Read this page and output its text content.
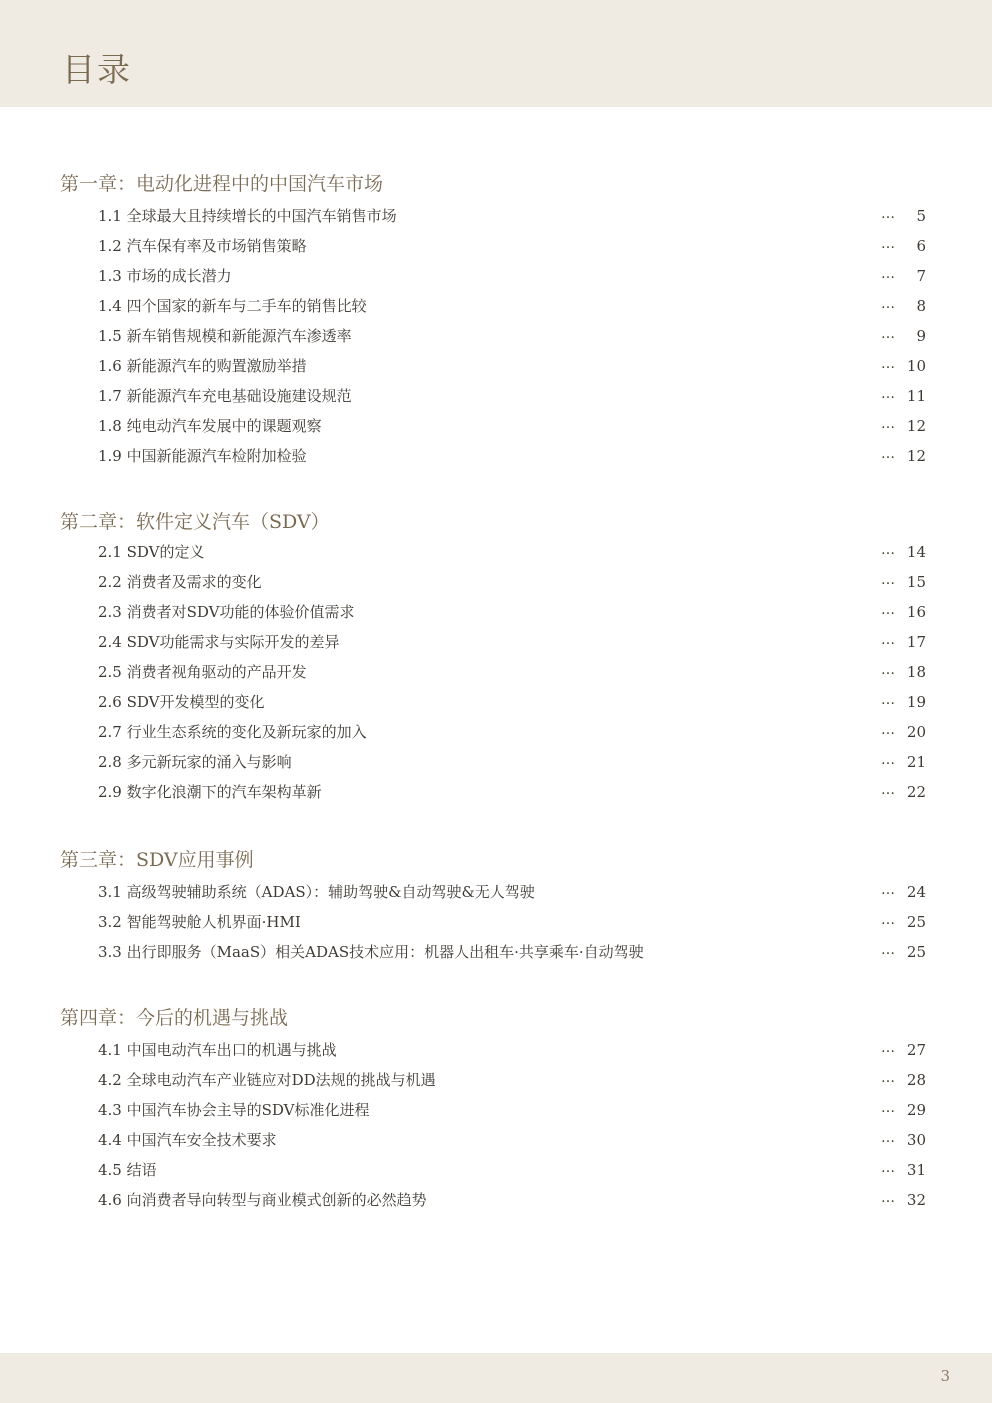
目录
第一章：电动化进程中的中国汽车市场
1.1 全球最大且持续增长的中国汽车销售市场	… 5
1.2 汽车保有率及市场销售策略	… 6
1.3 市场的成长潜力	… 7
1.4 四个国家的新车与二手车的销售比较	… 8
1.5 新车销售规模和新能源汽车渗透率	… 9
1.6 新能源汽车的购置激励举措	… 10
1.7 新能源汽车充电基础设施建设规范	… 11
1.8 纯电动汽车发展中的课题观察	… 12
1.9 中国新能源汽车检附加检验	… 12
第二章：软件定义汽车（SDV）
2.1 SDV的定义	… 14
2.2 消费者及需求的变化	… 15
2.3 消费者对SDV功能的体验价值需求	… 16
2.4 SDV功能需求与实际开发的差异	… 17
2.5 消费者视角驱动的产品开发	… 18
2.6 SDV开发模型的变化	… 19
2.7 行业生态系统的变化及新玩家的加入	… 20
2.8 多元新玩家的涌入与影响	… 21
2.9 数字化浪潮下的汽车架构革新	… 22
第三章：SDV应用事例
3.1 高级驾驶辅助系统（ADAS）：辅助驾驶&自动驾驶&无人驾驶	… 24
3.2 智能驾驶舱人机界面·HMI	… 25
3.3 出行即服务（MaaS）相关ADAS技术应用：机器人出租车·共享乘车·自动驾驶	… 25
第四章：今后的机遇与挑战
4.1 中国电动汽车出口的机遇与挑战	… 27
4.2 全球电动汽车产业链应对DD法规的挑战与机遇	… 28
4.3 中国汽车协会主导的SDV标准化进程	… 29
4.4 中国汽车安全技术要求	… 30
4.5 结语	… 31
4.6 向消费者导向转型与商业模式创新的必然趋势	… 32
3
